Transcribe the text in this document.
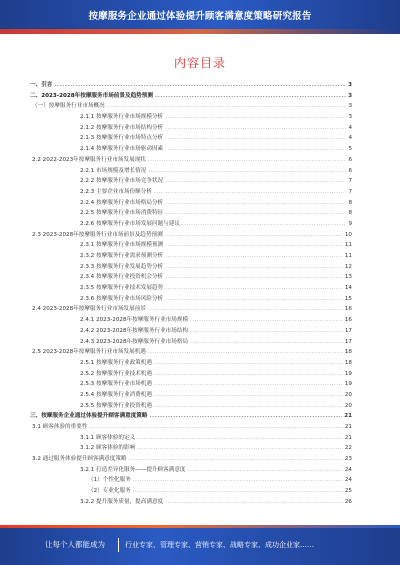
按摩服务企业通过体验提升顾客满意度策略研究报告
内容目录
一、引言 .....	3
二、2023-2028年按摩服务市场前景及趋势预测 .....	3
（一）按摩服务行业市场概况 .....	3
2.1.1 按摩服务行业市场规模分析 .....	3
2.1.2 按摩服务行业市场结构分析 .....	4
2.1.3 按摩服务行业市场特点分析 .....	4
2.1.4 按摩服务行业市场驱动因素 .....	5
2.2 2022-2023年按摩服务行业市场发展现状 .....	6
2.2.1 市场规模及增长情况 .....	6
2.2.2 按摩服务行业市场竞争状况 .....	7
2.2.3 主要企业市场份额分析 .....	7
2.2.4 按摩服务行业市场格局分析 .....	8
2.2.5 按摩服务行业市场消费特征 .....	8
2.2.6 按摩服务行业市场发展问题与建议 .....	9
2.3 2023-2028年按摩服务行业市场前景及趋势预测 .....	10
2.3.1 按摩服务行业市场规模预测 .....	11
2.3.2 按摩服务行业需求预测分析 .....	11
2.3.3 按摩服务行业发展趋势分析 .....	12
2.3.4 按摩服务行业投资机会分析 .....	13
2.3.5 按摩服务行业技术发展趋势 .....	14
2.3.6 按摩服务行业市场风险分析 .....	15
2.4 2023-2028年按摩服务行业市场发展前景 .....	16
2.4.1 2023-2028年按摩服务行业市场规模 .....	16
2.4.2 2023-2028年按摩服务行业市场结构 .....	17
2.4.3 2023-2028年按摩服务行业市场格局 .....	17
2.5 2023-2028年按摩服务行业市场发展机遇 .....	18
2.5.1 按摩服务行业政策机遇 .....	18
2.5.2 按摩服务行业技术机遇 .....	19
2.5.3 按摩服务行业市场机遇 .....	19
2.5.4 按摩服务行业消费机遇 .....	20
2.5.5 按摩服务行业投资机遇 .....	20
三、按摩服务企业通过体验提升顾客满意度策略 .....	21
3.1 顾客体验的重要性 .....	21
3.1.1 顾客体验的定义 .....	21
3.1.2 顾客体验的影响 .....	22
3.2 通过服务体验提升顾客满意度策略 .....	23
3.2.1 打造差异化服务——提升顾客满意度 .....	24
（1）个性化服务 .....	24
（2）专业化服务 .....	25
3.2.2 提升服务质量，提高满意度 .....	26
让每个人都能成为	行业专家、管理专家、营销专家、战略专家、成功企业家……
